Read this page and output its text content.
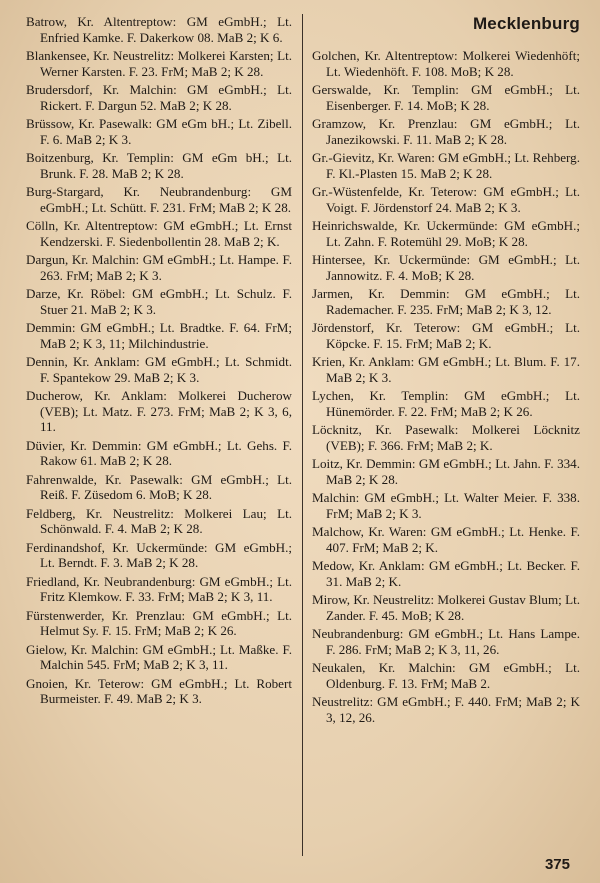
Mecklenburg

Batrow, Kr. Altentreptow: GM eGmbH.; Lt. Enfried Kamke. F. Dakerkow 08. MaB 2; K 6.

Blankensee, Kr. Neustrelitz: Molkerei Karsten; Lt. Werner Karsten. F. 23. FrM; MaB 2; K 28.

Brudersdorf, Kr. Malchin: GM eGmbH.; Lt. Rickert. F. Dargun 52. MaB 2; K 28.

Brüssow, Kr. Pasewalk: GM eGm bH.; Lt. Zibell. F. 6. MaB 2; K 3.

Boitzenburg, Kr. Templin: GM eGm bH.; Lt. Brunk. F. 28. MaB 2; K 28.

Burg-Stargard, Kr. Neubrandenburg: GM eGmbH.; Lt. Schütt. F. 231. FrM; MaB 2; K 28.

Cölln, Kr. Altentreptow: GM eGmbH.; Lt. Ernst Kendzerski. F. Siedenbollentin 28. MaB 2; K.

Dargun, Kr. Malchin: GM eGmbH.; Lt. Hampe. F. 263. FrM; MaB 2; K 3.

Darze, Kr. Röbel: GM eGmbH.; Lt. Schulz. F. Stuer 21. MaB 2; K 3.

Demmin: GM eGmbH.; Lt. Bradtke. F. 64. FrM; MaB 2; K 3, 11; Milchindustrie.

Dennin, Kr. Anklam: GM eGmbH.; Lt. Schmidt. F. Spantekow 29. MaB 2; K 3.

Ducherow, Kr. Anklam: Molkerei Ducherow (VEB); Lt. Matz. F. 273. FrM; MaB 2; K 3, 6, 11.

Düvier, Kr. Demmin: GM eGmbH.; Lt. Gehs. F. Rakow 61. MaB 2; K 28.

Fahrenwalde, Kr. Pasewalk: GM eGmbH.; Lt. Reiß. F. Züsedom 6. MoB; K 28.

Feldberg, Kr. Neustrelitz: Molkerei Lau; Lt. Schönwald. F. 4. MaB 2; K 28.

Ferdinandshof, Kr. Uckermünde: GM eGmbH.; Lt. Berndt. F. 3. MaB 2; K 28.

Friedland, Kr. Neubrandenburg: GM eGmbH.; Lt. Fritz Klemkow. F. 33. FrM; MaB 2; K 3, 11.

Fürstenwerder, Kr. Prenzlau: GM eGmbH.; Lt. Helmut Sy. F. 15. FrM; MaB 2; K 26.

Gielow, Kr. Malchin: GM eGmbH.; Lt. Maßke. F. Malchin 545. FrM; MaB 2; K 3, 11.

Gnoien, Kr. Teterow: GM eGmbH.; Lt. Robert Burmeister. F. 49. MaB 2; K 3.

Golchen, Kr. Altentreptow: Molkerei Wiedenhöft; Lt. Wiedenhöft. F. 108. MoB; K 28.

Gerswalde, Kr. Templin: GM eGmbH.; Lt. Eisenberger. F. 14. MoB; K 28.

Gramzow, Kr. Prenzlau: GM eGmbH.; Lt. Janezikowski. F. 11. MaB 2; K 28.

Gr.-Gievitz, Kr. Waren: GM eGmbH.; Lt. Rehberg. F. Kl.-Plasten 15. MaB 2; K 28.

Gr.-Wüstenfelde, Kr. Teterow: GM eGmbH.; Lt. Voigt. F. Jördenstorf 24. MaB 2; K 3.

Heinrichswalde, Kr. Uckermünde: GM eGmbH.; Lt. Zahn. F. Rotemühl 29. MoB; K 28.

Hintersee, Kr. Uckermünde: GM eGmbH.; Lt. Jannowitz. F. 4. MoB; K 28.

Jarmen, Kr. Demmin: GM eGmbH.; Lt. Rademacher. F. 235. FrM; MaB 2; K 3, 12.

Jördenstorf, Kr. Teterow: GM eGmbH.; Lt. Köpcke. F. 15. FrM; MaB 2; K.

Krien, Kr. Anklam: GM eGmbH.; Lt. Blum. F. 17. MaB 2; K 3.

Lychen, Kr. Templin: GM eGmbH.; Lt. Hünemörder. F. 22. FrM; MaB 2; K 26.

Löcknitz, Kr. Pasewalk: Molkerei Löcknitz (VEB); F. 366. FrM; MaB 2; K.

Loitz, Kr. Demmin: GM eGmbH.; Lt. Jahn. F. 334. MaB 2; K 28.

Malchin: GM eGmbH.; Lt. Walter Meier. F. 338. FrM; MaB 2; K 3.

Malchow, Kr. Waren: GM eGmbH.; Lt. Henke. F. 407. FrM; MaB 2; K.

Medow, Kr. Anklam: GM eGmbH.; Lt. Becker. F. 31. MaB 2; K.

Mirow, Kr. Neustrelitz: Molkerei Gustav Blum; Lt. Zander. F. 45. MoB; K 28.

Neubrandenburg: GM eGmbH.; Lt. Hans Lampe. F. 286. FrM; MaB 2; K 3, 11, 26.

Neukalen, Kr. Malchin: GM eGmbH.; Lt. Oldenburg. F. 13. FrM; MaB 2.

Neustrelitz: GM eGmbH.; F. 440. FrM; MaB 2; K 3, 12, 26.

375
